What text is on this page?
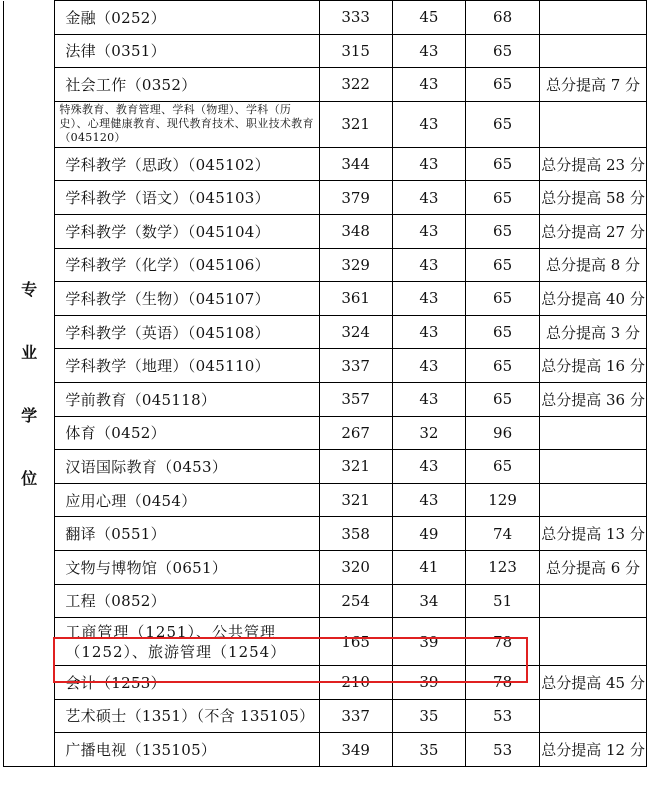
专
业
学
位	金融（0252）	333	45	68	
	法律（0351）	315	43	65	
	社会工作（0352）	322	43	65	总分提高 7 分
	特殊教育、教育管理、学科（物理）、学科（历史）、心理健康教育、现代教育技术、职业技术教育（045120）	321	43	65	
	学科教学（思政）（045102）	344	43	65	总分提高 23 分
	学科教学（语文）（045103）	379	43	65	总分提高 58 分
	学科教学（数学）（045104）	348	43	65	总分提高 27 分
	学科教学（化学）（045106）	329	43	65	总分提高 8 分
	学科教学（生物）（045107）	361	43	65	总分提高 40 分
	学科教学（英语）（045108）	324	43	65	总分提高 3 分
	学科教学（地理）（045110）	337	43	65	总分提高 16 分
	学前教育（045118）	357	43	65	总分提高 36 分
	体育（0452）	267	32	96	
	汉语国际教育（0453）	321	43	65	
	应用心理（0454）	321	43	129	
	翻译（0551）	358	49	74	总分提高 13 分
	文物与博物馆（0651）	320	41	123	总分提高 6 分
	工程（0852）	254	34	51	
	工商管理（1251）、公共管理（1252）、旅游管理（1254）	165	39	78	
	会计（1253）	210	39	78	总分提高 45 分
	艺术硕士（1351）（不含 135105）	337	35	53	
	广播电视（135105）	349	35	53	总分提高 12 分
